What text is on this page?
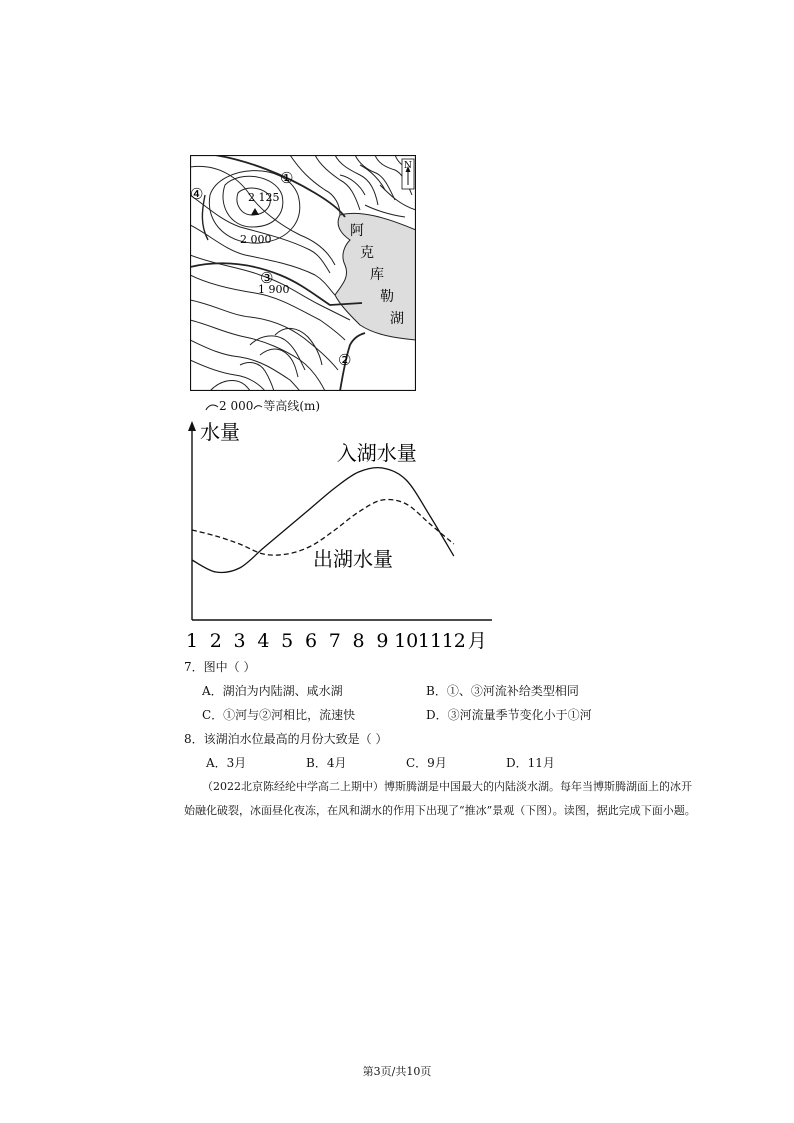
N
2 125
2 000
1 900
①
②
③
④
阿
克
库
勒
湖
2 000 等高线(m)
水量
1 2 3 4 5 6 7 8 9 10 11 12 月
入湖水量
出湖水量
7．图中（ ）
A．湖泊为内陆湖、咸水湖	B．①、③河流补给类型相同
C．①河与②河相比，流速快	D．③河流量季节变化小于①河
8．该湖泊水位最高的月份大致是（ ）
A．3月	B．4月	C．9月	D．11月
（2022北京陈经纶中学高二上期中）博斯腾湖是中国最大的内陆淡水湖。每年当博斯腾湖面上的冰开
始融化破裂，冰面昼化夜冻，在风和湖水的作用下出现了“推冰”景观（下图）。读图，据此完成下面小题。
第3页/共10页
